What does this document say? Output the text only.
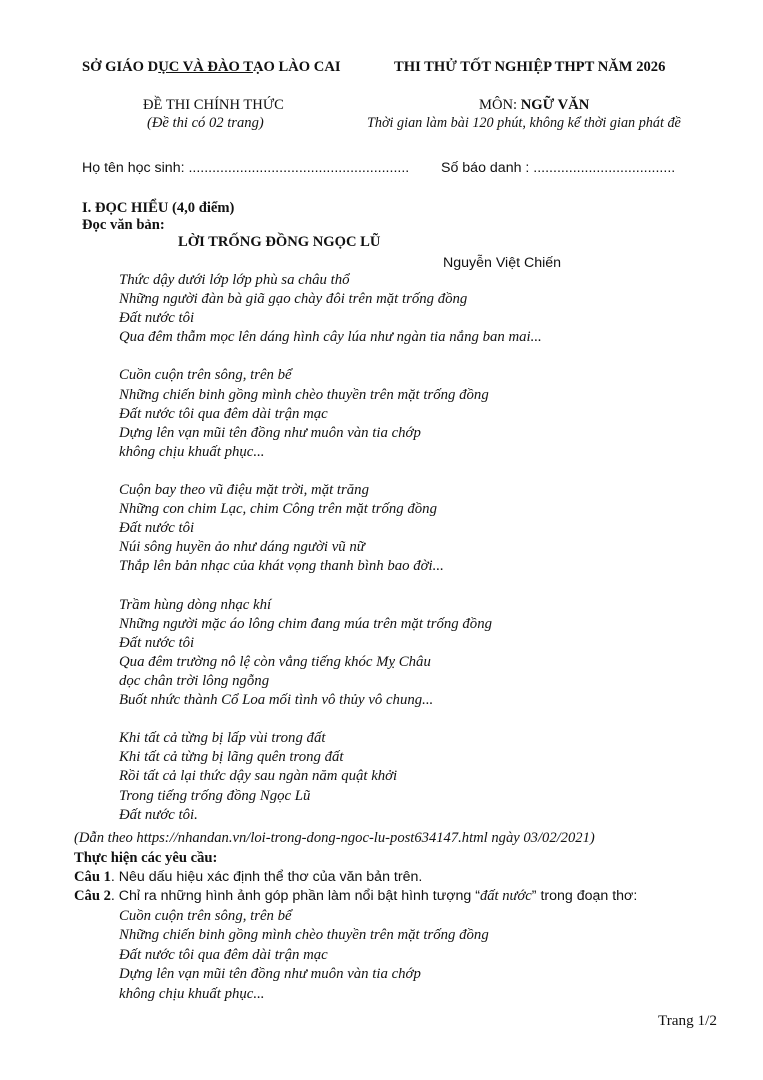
SỞ GIÁO DỤC VÀ ĐÀO TẠO LÀO CAI	THI THỬ TỐT NGHIỆP THPT NĂM 2026
ĐỀ THI CHÍNH THỨC
(Đề thi có 02 trang)
MÔN: NGỮ VĂN
Thời gian làm bài 120 phút, không kể thời gian phát đề
Họ tên học sinh: ........................................................ Số báo danh : ....................................
I. ĐỌC HIỂU (4,0 điểm)
Đọc văn bản:
LỜI TRỐNG ĐỒNG NGỌC LŨ
Nguyễn Việt Chiến
Thức dậy dưới lớp lớp phù sa châu thổ
Những người đàn bà giã gạo chày đôi trên mặt trống đồng
Đất nước tôi
Qua đêm thẫm mọc lên dáng hình cây lúa như ngàn tia nắng ban mai...
Cuồn cuộn trên sông, trên bể
Những chiến binh gồng mình chèo thuyền trên mặt trống đồng
Đất nước tôi qua đêm dài trận mạc
Dựng lên vạn mũi tên đồng như muôn vàn tia chớp
không chịu khuất phục...
Cuộn bay theo vũ điệu mặt trời, mặt trăng
Những con chim Lạc, chim Công trên mặt trống đồng
Đất nước tôi
Núi sông huyền ảo như dáng người vũ nữ
Thắp lên bản nhạc của khát vọng thanh bình bao đời...
Trầm hùng dòng nhạc khí
Những người mặc áo lông chim đang múa trên mặt trống đồng
Đất nước tôi
Qua đêm trường nô lệ còn vẳng tiếng khóc Mỵ Châu
dọc chân trời lông ngỗng
Buốt nhức thành Cổ Loa mối tình vô thủy vô chung...
Khi tất cả từng bị lấp vùi trong đất
Khi tất cả từng bị lãng quên trong đất
Rồi tất cả lại thức dậy sau ngàn năm quật khởi
Trong tiếng trống đồng Ngọc Lũ
Đất nước tôi.
(Dẫn theo https://nhandan.vn/loi-trong-dong-ngoc-lu-post634147.html ngày 03/02/2021)
Thực hiện các yêu cầu:
Câu 1. Nêu dấu hiệu xác định thể thơ của văn bản trên.
Câu 2. Chỉ ra những hình ảnh góp phần làm nổi bật hình tượng “đất nước” trong đoạn thơ:
Cuồn cuộn trên sông, trên bể
Những chiến binh gồng mình chèo thuyền trên mặt trống đồng
Đất nước tôi qua đêm dài trận mạc
Dựng lên vạn mũi tên đồng như muôn vàn tia chớp
không chịu khuất phục...
Trang 1/2
